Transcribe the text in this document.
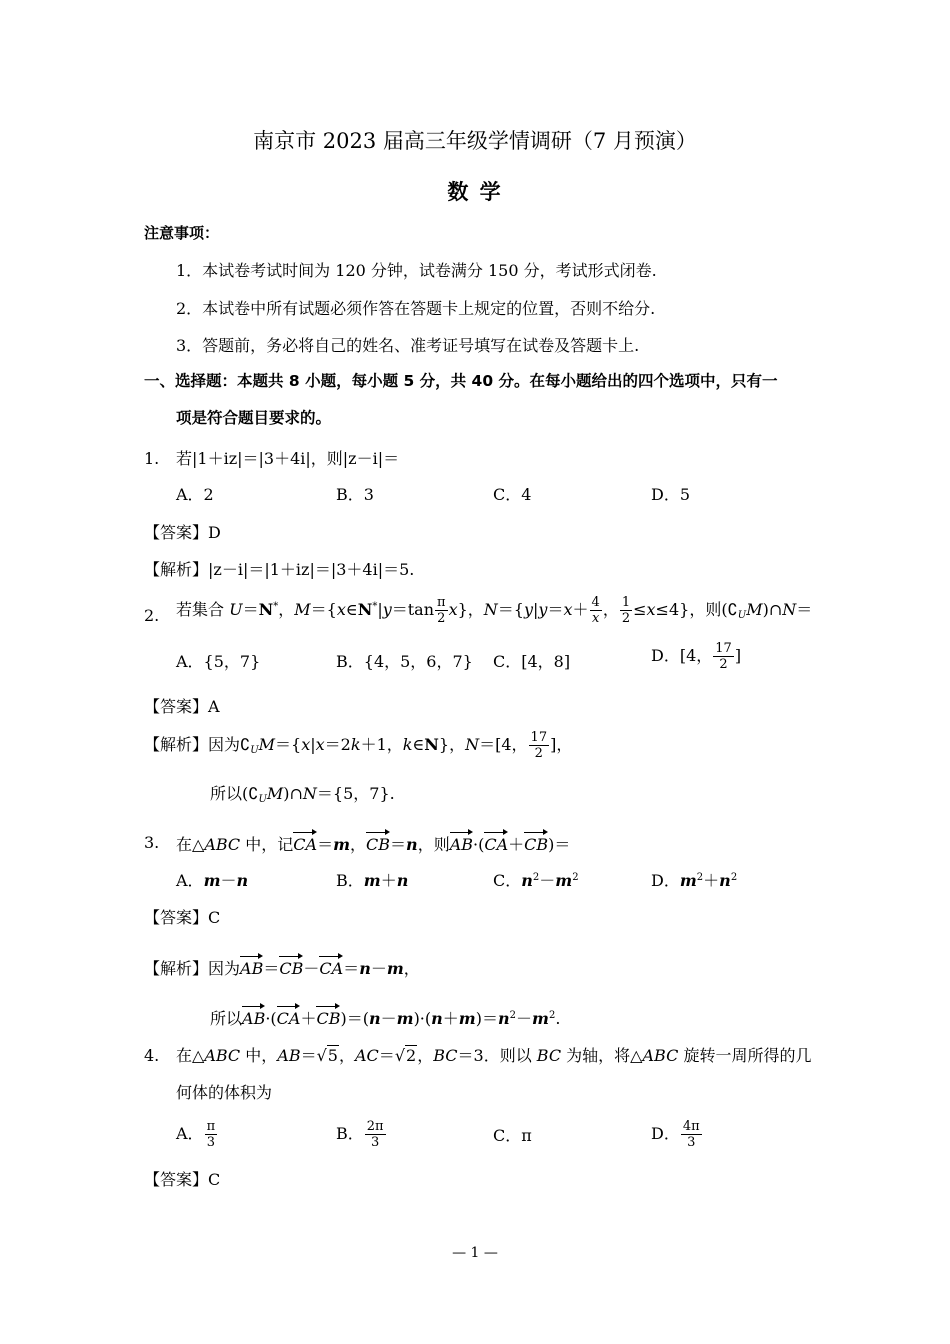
南京市 2023 届高三年级学情调研（7 月预演）
数 学
注意事项：
1．本试卷考试时间为 120 分钟，试卷满分 150 分，考试形式闭卷.
2．本试卷中所有试题必须作答在答题卡上规定的位置，否则不给分.
3．答题前，务必将自己的姓名、准考证号填写在试卷及答题卡上.
一、选择题：本题共 8 小题，每小题 5 分，共 40 分。在每小题给出的四个选项中，只有一
项是符合题目要求的。
1. 若|1＋iz|＝|3＋4i|，则|z－i|＝
A．2	B．3	C．4	D．5
【答案】D
【解析】|z－i|＝|1＋iz|＝|3＋4i|＝5.
2. 若集合 U＝N*，M＝{x∈N*|y＝tan $\frac{\pi}{2} x$}，$N=\{y|y=x+ \frac{4}{x}$ ， $\frac{1}{2} \le x\le 4$}，则$(∁_UM)\cap N=$
A．{5，7}	B．{4，5，6，7} C．[4，8]	D．[4， $\frac{17}{2}$ ]
【答案】A
【解析】因为$∁_UM=\{x|x=2k+1$，k∈N}，N＝[4， $\frac{17}{2}$ ]，
所以$(∁_UM)\cap N=\{5$，7}.
3. 在△ABC 中，记CA＝m，CB＝n，则AB·(CA＋CB)＝
A．m－n	B．m＋n	C．$n^2-m^2$	D．$m^2+n^2$
【答案】C
【解析】因为AB＝CB－CA＝n－m，
所以$AB\cdot(CA+CB)=(n-m)\cdot(n+m)=n^2-m^2$.
4. 在△ABC 中，AB＝√5，AC＝√2，BC＝3．则以 BC 为轴，将△ABC 旋转一周所得的几
何体的体积为
A． $\frac{\pi}{3}$	B． $\frac{2\pi}{3}$	C．π	D． $\frac{4\pi}{3}$
【答案】C
— 1 —
